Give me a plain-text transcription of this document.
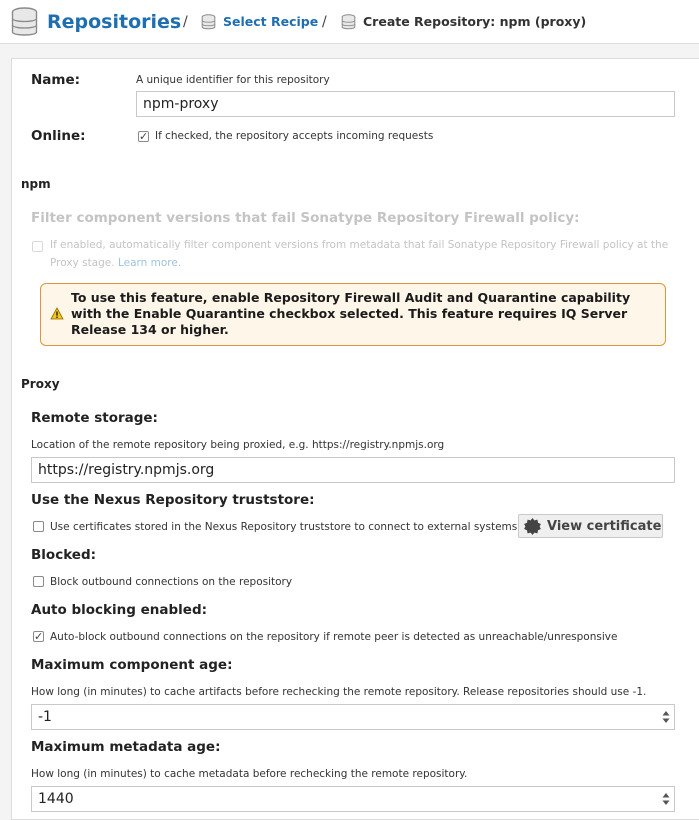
Repositories /	Select Recipe /	Create Repository: npm (proxy)
Name:	A unique identifier for this repository
npm-proxy
Online:	✓ If checked, the repository accepts incoming requests
npm
Filter component versions that fail Sonatype Repository Firewall policy:
If enabled, automatically filter component versions from metadata that fail Sonatype Repository Firewall policy at the
Proxy stage. Learn more.
To use this feature, enable Repository Firewall Audit and Quarantine capability with the Enable Quarantine checkbox selected. This feature requires IQ Server Release 134 or higher.
Proxy
Remote storage:
Location of the remote repository being proxied, e.g. https://registry.npmjs.org
https://registry.npmjs.org
Use the Nexus Repository truststore:
Use certificates stored in the Nexus Repository truststore to connect to external systems View certificate
Blocked:
Block outbound connections on the repository
Auto blocking enabled:
✓ Auto-block outbound connections on the repository if remote peer is detected as unreachable/unresponsive
Maximum component age:
How long (in minutes) to cache artifacts before rechecking the remote repository. Release repositories should use -1.
-1
Maximum metadata age:
How long (in minutes) to cache metadata before rechecking the remote repository.
1440
